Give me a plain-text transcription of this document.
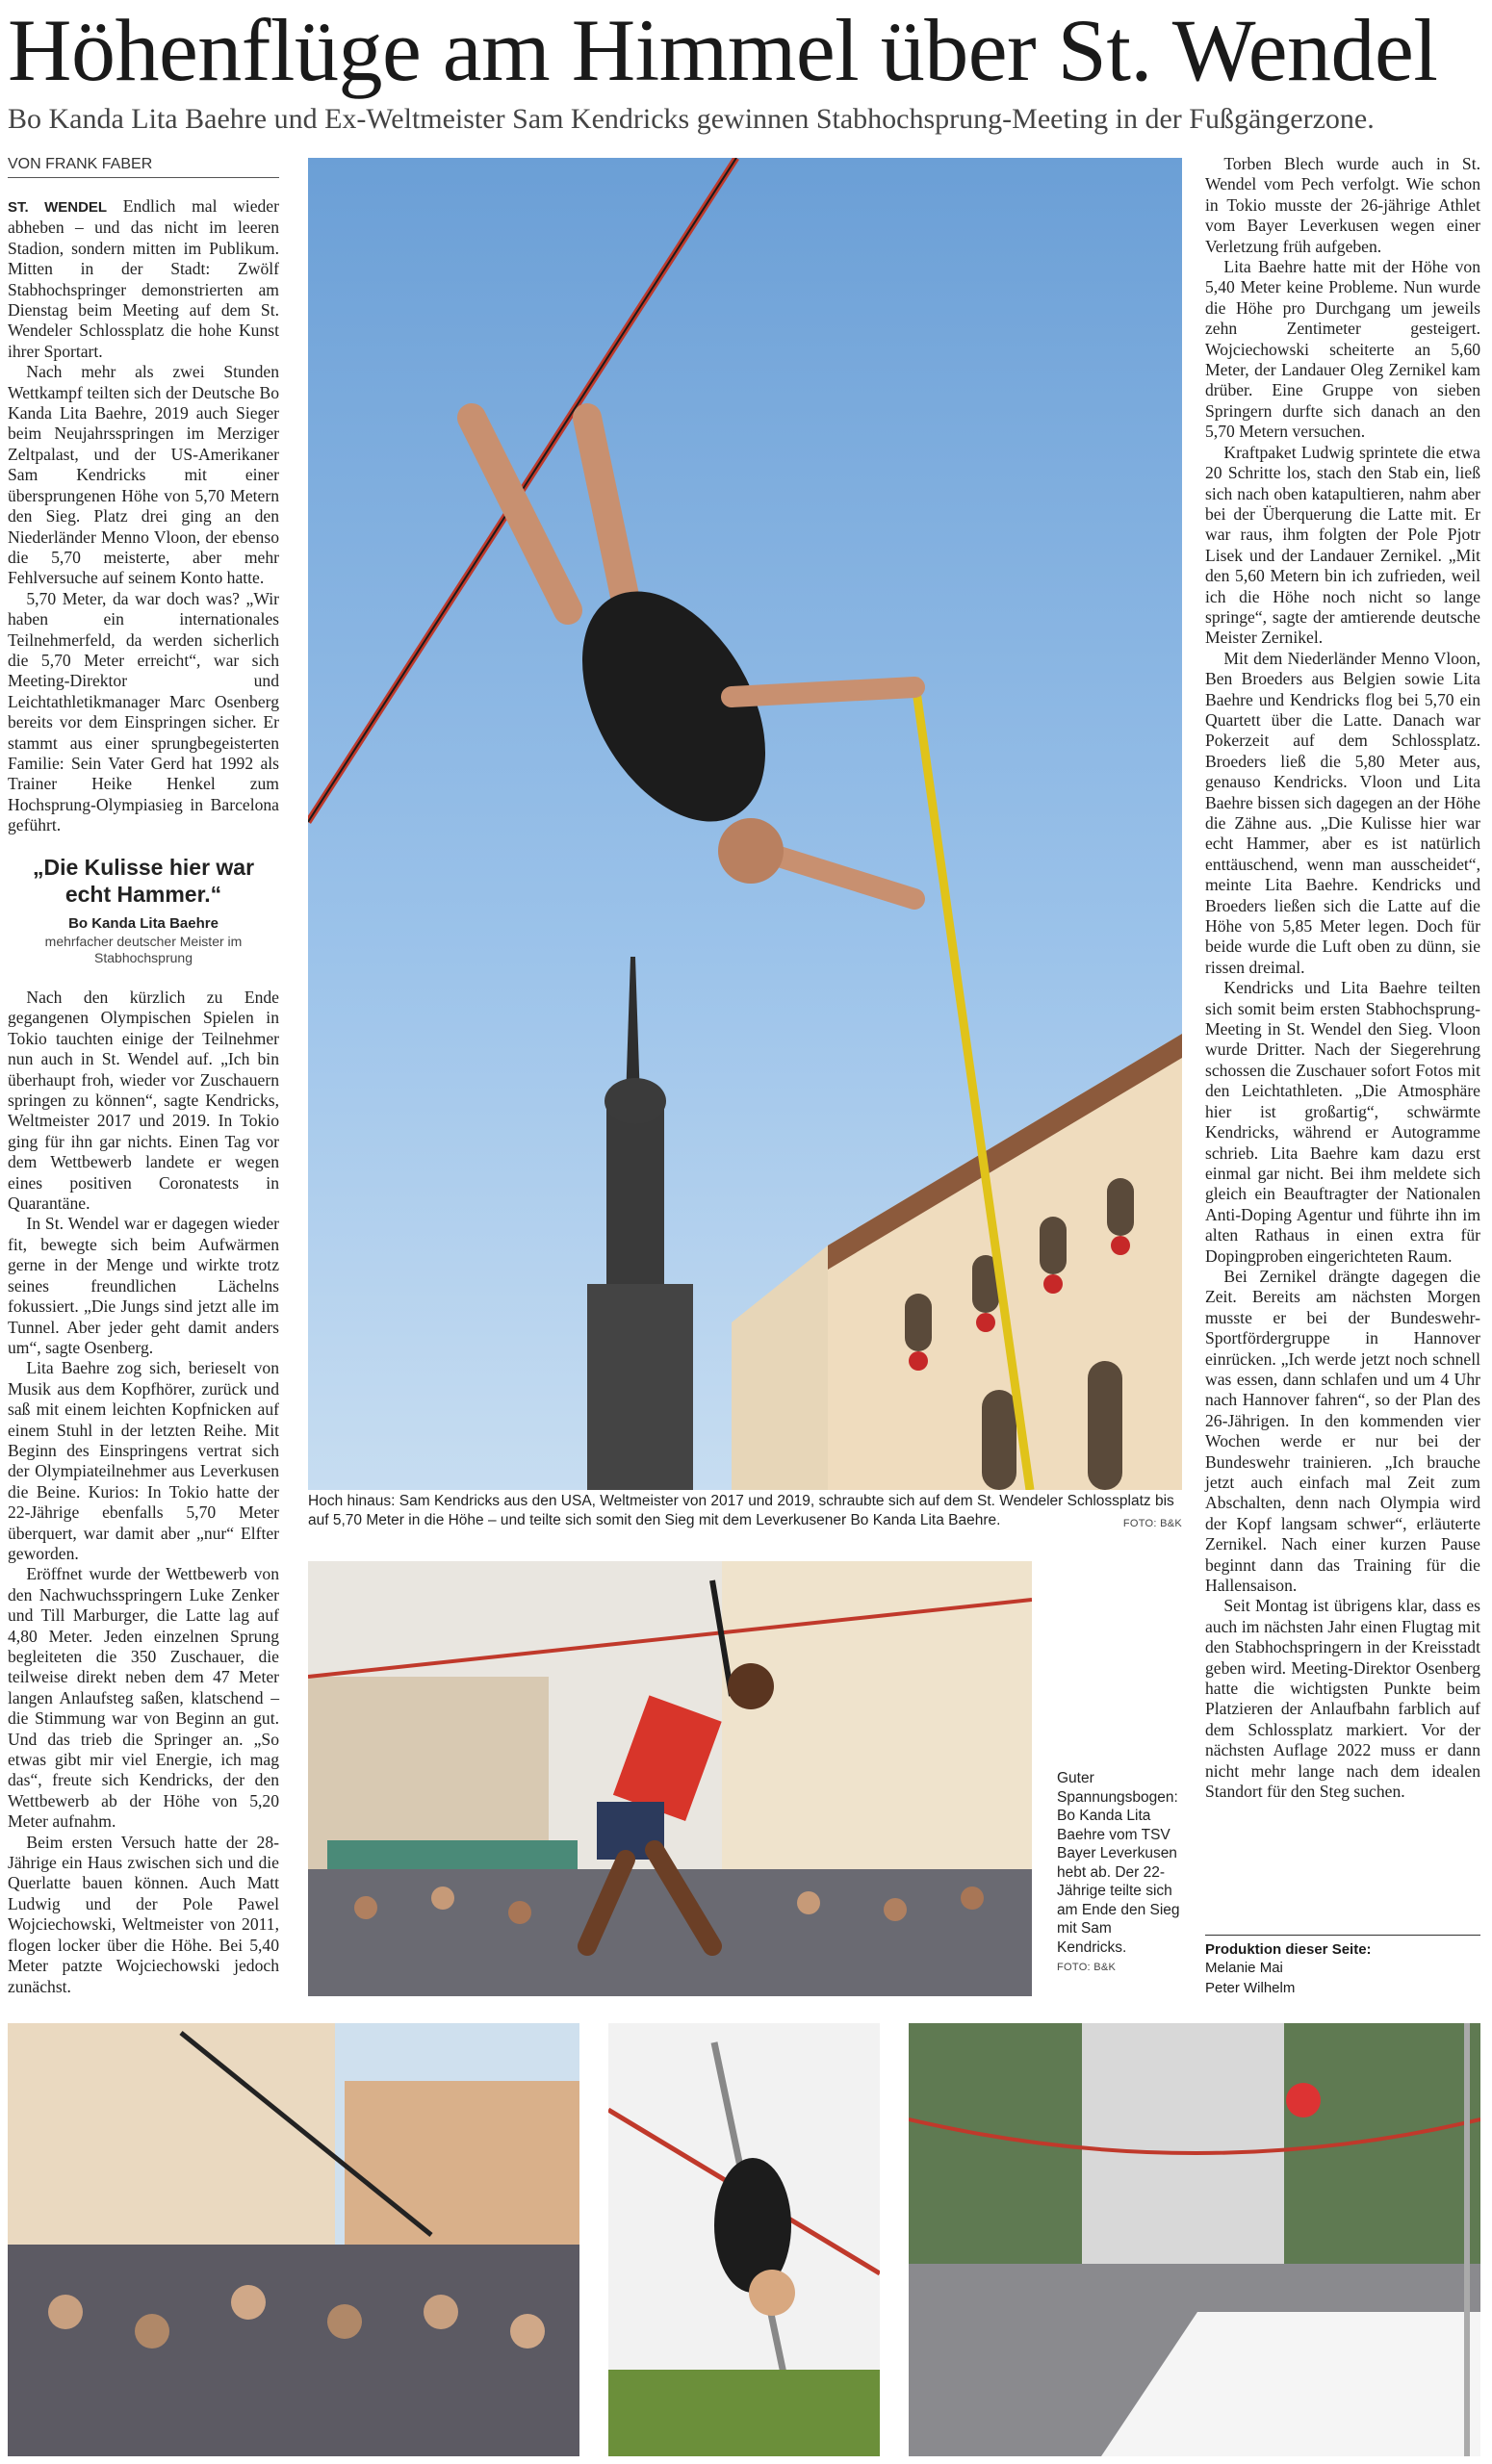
Höhenflüge am Himmel über St. Wendel
Bo Kanda Lita Baehre und Ex-Weltmeister Sam Kendricks gewinnen Stabhochsprung-Meeting in der Fußgängerzone.
VON FRANK FABER

ST. WENDEL Endlich mal wieder abheben – und das nicht im leeren Stadion, sondern mitten im Publikum. Mitten in der Stadt: Zwölf Stabhochspringer demonstrierten am Dienstag beim Meeting auf dem St. Wendeler Schlossplatz die hohe Kunst ihrer Sportart.

Nach mehr als zwei Stunden Wettkampf teilten sich der Deutsche Bo Kanda Lita Baehre, 2019 auch Sieger beim Neujahrsspringen im Merziger Zeltpalast, und der US-Amerikaner Sam Kendricks mit einer übersprungenen Höhe von 5,70 Metern den Sieg. Platz drei ging an den Niederländer Menno Vloon, der ebenso die 5,70 meisterte, aber mehr Fehlversuche auf seinem Konto hatte.

5,70 Meter, da war doch was? „Wir haben ein internationales Teilnehmerfeld, da werden sicherlich die 5,70 Meter erreicht“, war sich Meeting-Direktor und Leichtathletikmanager Marc Osenberg bereits vor dem Einspringen sicher. Er stammt aus einer sprungbegeisterten Familie: Sein Vater Gerd hat 1992 als Trainer Heike Henkel zum Hochsprung-Olympiasieg in Barcelona geführt.

„Die Kulisse hier war echt Hammer.“
Bo Kanda Lita Baehre
mehrfacher deutscher Meister im Stabhochsprung

Nach den kürzlich zu Ende gegangenen Olympischen Spielen in Tokio tauchten einige der Teilnehmer nun auch in St. Wendel auf. „Ich bin überhaupt froh, wieder vor Zuschauern springen zu können“, sagte Kendricks, Weltmeister 2017 und 2019. In Tokio ging für ihn gar nichts. Einen Tag vor dem Wettbewerb landete er wegen eines positiven Coronatests in Quarantäne.

In St. Wendel war er dagegen wieder fit, bewegte sich beim Aufwärmen gerne in der Menge und wirkte trotz seines freundlichen Lächelns fokussiert. „Die Jungs sind jetzt alle im Tunnel. Aber jeder geht damit anders um“, sagte Osenberg.

Lita Baehre zog sich, berieselt von Musik aus dem Kopfhörer, zurück und saß mit einem leichten Kopfnicken auf einem Stuhl in der letzten Reihe. Mit Beginn des Einspringens vertrat sich der Olympiateilnehmer aus Leverkusen die Beine. Kurios: In Tokio hatte der 22-Jährige ebenfalls 5,70 Meter überquert, war damit aber „nur“ Elfter geworden.

Eröffnet wurde der Wettbewerb von den Nachwuchsspringern Luke Zenker und Till Marburger, die Latte lag auf 4,80 Meter. Jeden einzelnen Sprung begleiteten die 350 Zuschauer, die teilweise direkt neben dem 47 Meter langen Anlaufsteg saßen, klatschend – die Stimmung war von Beginn an gut. Und das trieb die Springer an. „So etwas gibt mir viel Energie, ich mag das“, freute sich Kendricks, der den Wettbewerb ab der Höhe von 5,20 Meter aufnahm.

Beim ersten Versuch hatte der 28-Jährige ein Haus zwischen sich und die Querlatte bauen können. Auch Matt Ludwig und der Pole Pawel Wojciechowski, Weltmeister von 2011, flogen locker über die Höhe. Bei 5,40 Meter patzte Wojciechowski jedoch zunächst.

Hoch hinaus: Sam Kendricks aus den USA, Weltmeister von 2017 und 2019, schraubte sich auf dem St. Wendeler Schlossplatz bis auf 5,70 Meter in die Höhe – und teilte sich somit den Sieg mit dem Leverkusener Bo Kanda Lita Baehre.	FOTO: B&K

Torben Blech wurde auch in St. Wendel vom Pech verfolgt. Wie schon in Tokio musste der 26-jährige Athlet vom Bayer Leverkusen wegen einer Verletzung früh aufgeben.

Lita Baehre hatte mit der Höhe von 5,40 Meter keine Probleme. Nun wurde die Höhe pro Durchgang um jeweils zehn Zentimeter gesteigert. Wojciechowski scheiterte an 5,60 Meter, der Landauer Oleg Zernikel kam drüber. Eine Gruppe von sieben Springern durfte sich danach an den 5,70 Metern versuchen.

Kraftpaket Ludwig sprintete die etwa 20 Schritte los, stach den Stab ein, ließ sich nach oben katapultieren, nahm aber bei der Überquerung die Latte mit. Er war raus, ihm folgten der Pole Pjotr Lisek und der Landauer Zernikel. „Mit den 5,60 Metern bin ich zufrieden, weil ich die Höhe noch nicht so lange springe“, sagte der amtierende deutsche Meister Zernikel.

Mit dem Niederländer Menno Vloon, Ben Broeders aus Belgien sowie Lita Baehre und Kendricks flog bei 5,70 ein Quartett über die Latte. Danach war Pokerzeit auf dem Schlossplatz. Broeders ließ die 5,80 Meter aus, genauso Kendricks. Vloon und Lita Baehre bissen sich dagegen an der Höhe die Zähne aus. „Die Kulisse hier war echt Hammer, aber es ist natürlich enttäuschend, wenn man ausscheidet“, meinte Lita Baehre. Kendricks und Broeders ließen sich die Latte auf die Höhe von 5,85 Meter legen. Doch für beide wurde die Luft oben zu dünn, sie rissen dreimal.

Kendricks und Lita Baehre teilten sich somit beim ersten Stabhochsprung-Meeting in St. Wendel den Sieg. Vloon wurde Dritter. Nach der Siegerehrung schossen die Zuschauer sofort Fotos mit den Leichtathleten. „Die Atmosphäre hier ist großartig“, schwärmte Kendricks, während er Autogramme schrieb. Lita Baehre kam dazu erst einmal gar nicht. Bei ihm meldete sich gleich ein Beauftragter der Nationalen Anti-Doping Agentur und führte ihn im alten Rathaus in einen extra für Dopingproben eingerichteten Raum.

Bei Zernikel drängte dagegen die Zeit. Bereits am nächsten Morgen musste er bei der Bundeswehr-Sportfördergruppe in Hannover einrücken. „Ich werde jetzt noch schnell was essen, dann schlafen und um 4 Uhr nach Hannover fahren“, so der Plan des 26-Jährigen. In den kommenden vier Wochen werde er nur bei der Bundeswehr trainieren. „Ich brauche jetzt auch einfach mal Zeit zum Abschalten, denn nach Olympia wird der Kopf langsam schwer“, erläuterte Zernikel. Nach einer kurzen Pause beginnt dann das Training für die Hallensaison.

Seit Montag ist übrigens klar, dass es auch im nächsten Jahr einen Flugtag mit den Stabhochspringern in der Kreisstadt geben wird. Meeting-Direktor Osenberg hatte die wichtigsten Punkte beim Platzieren der Anlaufbahn farblich auf dem Schlossplatz markiert. Vor der nächsten Auflage 2022 muss er dann nicht mehr lange nach dem idealen Standort für den Steg suchen.

Produktion dieser Seite:
Melanie Mai
Peter Wilhelm
Guter Spannungsbogen: Bo Kanda Lita Baehre vom TSV Bayer Leverkusen hebt ab. Der 22-Jährige teilte sich am Ende den Sieg mit Sam Kendricks.
FOTO: B&K
